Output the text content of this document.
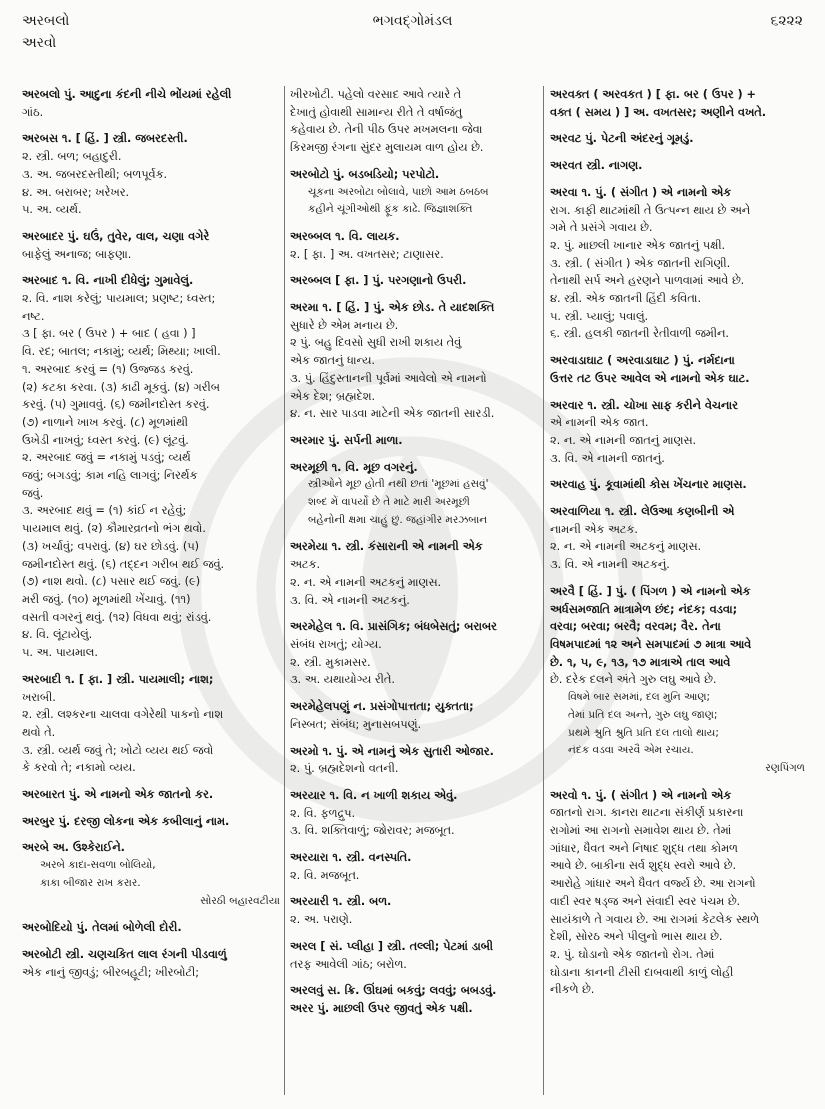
અરબલો
અરવો
ભગવદ્ગોમંડલ	૬૨૨૨
અરબલો પું. આદુના કંદની નીચે ભોંયમાં રહેલી
ગાંઠ.
અરબસ ૧. [ હિં. ] સ્ત્રી. જબરદસ્તી.
૨. સ્ત્રી. બળ; બહાદુરી.
૩. અ. જબરદસ્તીથી; બળપૂર્વક.
૪. અ. બરાબર; ખરેખર.
૫. અ. વ્યર્થ.
અરબાદર પું. ઘઉં, તુવેર, વાલ, ચણા વગેરે
બાફેલું અનાજ; બાફણા.
અરબાદ ૧. વિ. નાખી દીધેલું; ગુમાવેલું.
૨. વિ. નાશ કરેલું; પાયમાલ; પ્રણષ્ટ; ધ્વસ્ત;
નષ્ટ.
૩ [ ફા. બર ( ઉપર ) + બાદ ( હવા ) ]
વિ. રદ; બાતલ; નકામું; વ્યર્થ; મિથ્યા; ખાલી.
૧. અરબાદ કરવું = (૧) ઉજ્જડ કરવું.
(૨) કટકા કરવા. (૩) કાઢી મૂકવું. (૪) ગરીબ
કરવું. (૫) ગુમાવવું. (૬) જમીનદોસ્ત કરવું.
(૭) નાળાને ખાખ કરવું. (૮) મૂળમાંથી
ઉખેડી નાખવું; ધ્વસ્ત કરવું. (૯) લૂંટવું.
૨. અરબાદ જવું = નકામું પડવું; વ્યર્થ
જવું; બગડવું; કામ નહિ લાગવું; નિરર્થક
જવું.
૩. અરબાદ થવું = (૧) કાંઈ ન રહેવું;
પાયમાલ થવું. (૨) કૌમારવ્રતનો ભંગ થવો.
(૩) ખર્ચાવું; વપરાવું. (૪) ઘર છોડવું. (૫)
જમીનદોસ્ત થવું. (૬) તદ્દન ગરીબ થઈ જવું.
(૭) નાશ થવો. (૮) પસાર થઈ જવું. (૯)
મરી જવું. (૧૦) મૂળમાંથી ખેંચાવું. (૧૧)
વસતી વગરનું થવું. (૧૨) વિધવા થવું; રાંડવું.
૪. વિ. લૂંટાયેલું.
૫. અ. પાયમાલ.
અરબાદી ૧. [ ફા. ] સ્ત્રી. પાયમાલી; નાશ;
ખરાબી.
૨. સ્ત્રી. લશ્કરના ચાલવા વગેરેથી પાકનો નાશ
થવો તે.
૩. સ્ત્રી. વ્યર્થ જવું તે; ખોટો વ્યય થઈ જવો
કે કરવો તે; નકામો વ્યય.
અરબારત પું. એ નામનો એક જાતનો કર.
અરબુર પું. દરજી લોકના એક કબીલાનું નામ.
અરબે અ. ઉશ્કેરાઈને.
અરબે કાદા-સવળા બોલિયો,
કાકા બીજાર રાખ કરાર.
સોરઠી બહારવટીયા
અરબોદિયો પું. તેલમાં બોળેલી દોરી.
અરબોટી સ્ત્રી. ચણચકિત લાલ રંગની પીડવાળું
એક નાનું જીવડું; બીરબહૂટી; ખીરબોટી;
ખીરખોટી. પહેલો વરસાદ આવે ત્યારે તે
દેખાતું હોવાથી સામાન્ય રીતે તે વર્ષાજંતુ
કહેવાય છે. તેની પીઠ ઉપર મખમલના જેવા
કિરમજી રંગના સુંદર મુલાયમ વાળ હોય છે.
અરબોટો પું. બડબડિયો; પરપોટો.
ચૂકના અરબોટા બોલાવે, પાછો આમ ઠબઠબ
કહીને ચૂંગીઓથી ફૂંક કાઢે. જિજ્ઞાશક્તિ
અરબ્બલ ૧. વિ. લાયક.
૨. [ ફા. ] અ. વખતસર; ટાણાસર.
અરબ્બલ [ ફા. ] પું. પરગણાનો ઉપરી.
અરમા ૧. [ હિં. ] પું. એક છોડ. તે યાદશક્તિ
સુધારે છે એમ મનાય છે.
૨ પું. બહુ દિવસો સુધી રાખી શકાય તેવું
એક જાતનું ધાન્ય.
૩. પું. હિંદુસ્તાનની પૂર્વમાં આવેલો એ નામનો
એક દેશ; બ્રહ્મદેશ.
૪. ન. સાર પાડવા માટેની એક જાતની સારડી.
અરમાર પું. સર્પની માળા.
અરમૂછી ૧. વિ. મૂછ વગરનું.
સ્ત્રીઓને મૂછ હોતી નથી છતાં 'મૂછમાં હસવું'
શબ્દ મેં વાપર્યો છે તે માટે મારી અરમૂછી
બહેનોની ક્ષમા ચાહું છું. જહાંગીર મરઝબાન
અરમેયા ૧. સ્ત્રી. કંસારાની એ નામની એક
અટક.
૨. ન. એ નામની અટકનું માણસ.
૩. વિ. એ નામની અટકનું.
અરમેહેલ ૧. વિ. પ્રાસંગિક; બંધબેસતું; બરાબર
સંબંધ રાખતું; યોગ્ય.
૨. સ્ત્રી. મુકામસર.
૩. અ. યથાયોગ્ય રીતે.
અરમેહેલપણું ન. પ્રસંગોપાત્તતા; યુક્તતા;
નિસ્બત; સંબંધ; મુનાસબપણું.
અરમો ૧. પું. એ નામનું એક સુતારી ઓજાર.
૨. પું. બ્રહ્મદેશનો વતની.
અરયાર ૧. વિ. ન ખાળી શકાય એવું.
૨. વિ. ફળદ્રુપ.
૩. વિ. શક્તિવાળું; જોરાવર; મજબૂત.
અરયારા ૧. સ્ત્રી. વનસ્પતિ.
૨. વિ. મજબૂત.
અરયારી ૧. સ્ત્રી. બળ.
૨. અ. પરાણે.
અરલ [ સં. પ્લીહા ] સ્ત્રી. તલ્લી; પેટમાં ડાબી
તરફ આવેલી ગાંઠ; બરોળ.
અરલવું સ. ક્રિ. ઊંઘમાં બકવું; લવવું; બબડવું.
અરર પું. માછલી ઉપર જીવતું એક પક્ષી.
અરવક્ત ( અરવકત ) [ ફા. બર ( ઉપર ) +
વક્ત ( સમય ) ] અ. વખતસર; અણીને વખતે.
અરવટ પું. પેટની અંદરનું ગૂમડું.
અરવત સ્ત્રી. નાગણ.
અરવા ૧. પું. ( સંગીત ) એ નામનો એક
રાગ. કાફી થાટમાંથી તે ઉત્પન્ન થાય છે અને
ગમે તે પ્રસંગે ગવાય છે.
૨. પું. માછલી ખાનાર એક જાતનું પક્ષી.
૩. સ્ત્રી. ( સંગીત ) એક જાતની રાગિણી.
તેનાથી સર્પ અને હરણને પાળવામાં આવે છે.
૪. સ્ત્રી. એક જાતની હિંદી કવિતા.
૫. સ્ત્રી. પ્યાલું; પવાલું.
૬. સ્ત્રી. હલકી જાતની રેતીવાળી જમીન.
અરવાડાઘાટ ( અરવાડાઘાટ ) પું. નર્મદાના
ઉત્તર તટ ઉપર આવેલ એ નામનો એક ઘાટ.
અરવાર ૧. સ્ત્રી. ચોખા સાફ કરીને વેચનાર
એ નામની એક જાત.
૨. ન. એ નામની જાતનું માણસ.
૩. વિ. એ નામની જાતનું.
અરવાહ પું. કૂવામાંથી કોસ ખેંચનાર માણસ.
અરવાળિયા ૧. સ્ત્રી. લેઉઆ કણબીની એ
નામની એક અટક.
૨. ન. એ નામની અટકનું માણસ.
૩. વિ. એ નામની અટકનું.
અરવૈ [ હિં. ] પું. ( પિંગળ ) એ નામનો એક
અર્ધસમજાતિ માત્રામેળ છંદ; નંદક; વડવા;
વરવા; બરવા; બરવૈ; વરવમ; વૈર. તેના
વિષમપાદમાં ૧૨ અને સમપાદમાં ૭ માત્રા આવે
છે. ૧, ૫, ૯, ૧૩, ૧૭ માત્રાએ તાલ આવે
છે. દરેક દલને અંતે ગુરુ લઘુ આવે છે.
વિષમે બાર સમમાં, દલ મુનિ આણ;
તેમાં પ્રતિ દલ અન્તે, ગુરુ લઘુ જાણ;
પ્રથમે શ્રુતિ શ્રુતિ પ્રતિ દલ તાલો થાય;
નંદક વડવા અરવૈ એમ રચાય.
રણપિંગળ
અરવો ૧. પું. ( સંગીત ) એ નામનો એક
જાતનો રાગ. કાનરા થાટના સંકીર્ણ પ્રકારના
રાગોમાં આ રાગનો સમાવેશ થાય છે. તેમાં
ગાંધાર, ધૈવત અને નિષાદ શુદ્ધ તથા કોમળ
આવે છે. બાકીના સર્વ શુદ્ધ સ્વરો આવે છે.
આરોહે ગાંધાર અને ધૈવત વર્જ્ય છે. આ રાગનો
વાદી સ્વર ષડ્જ અને સંવાદી સ્વર પંચમ છે.
સાયંકાળે તે ગવાય છે. આ રાગમાં કેટલેક સ્થળે
દેશી, સોરઠ અને પીલુનો ભાસ થાય છે.
૨. પું. ઘોડાનો એક જાતનો રોગ. તેમાં
ઘોડાના કાનની ટીસી દાબવાથી કાળું લોહી
નીકળે છે.
